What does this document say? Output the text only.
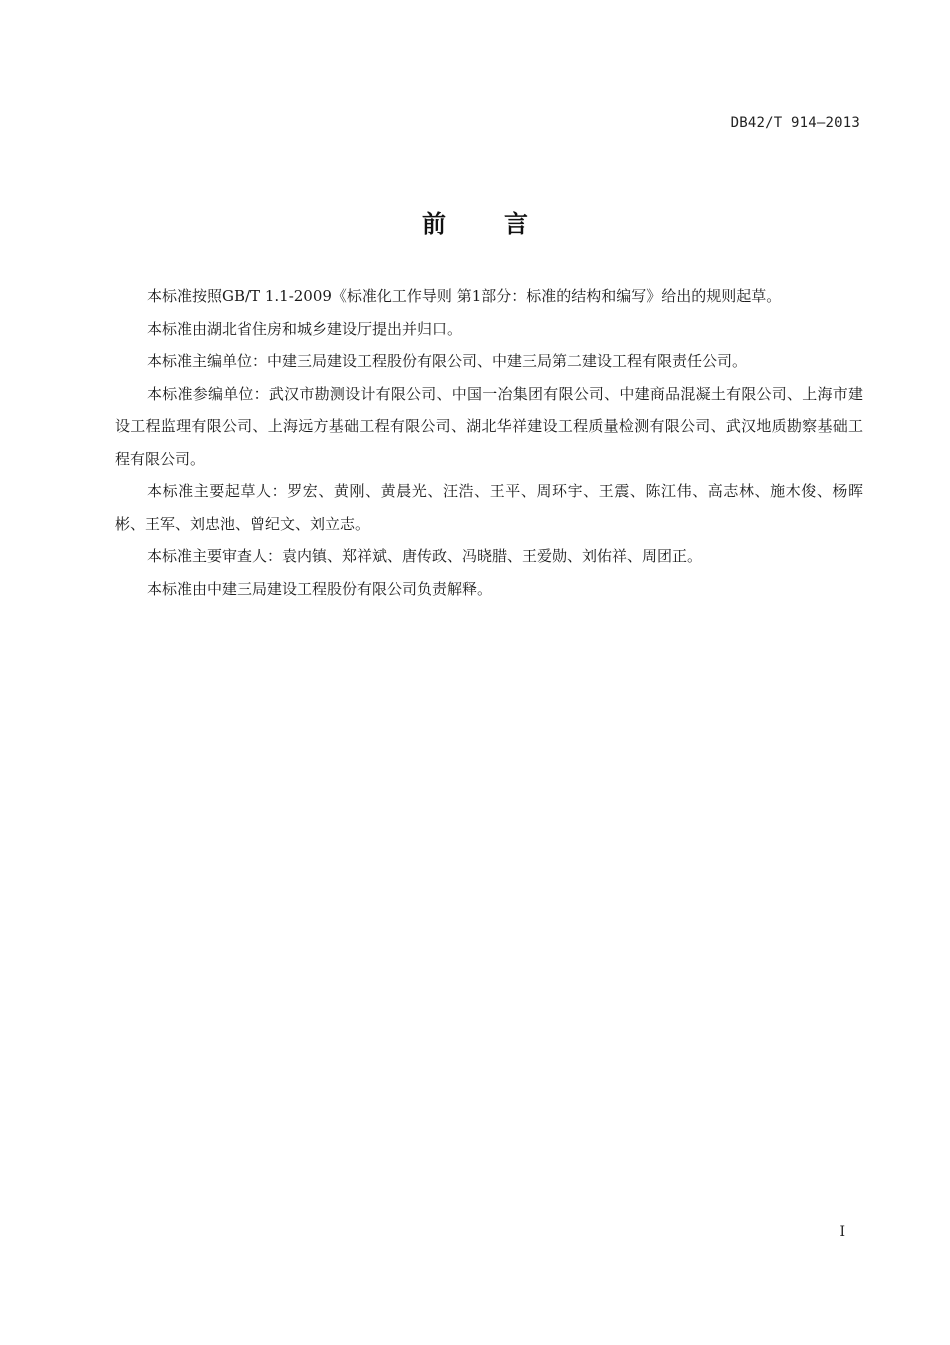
DB42/T 914—2013
前言

本标准按照GB/T 1.1-2009《标准化工作导则 第1部分：标准的结构和编写》给出的规则起草。

本标准由湖北省住房和城乡建设厅提出并归口。

本标准主编单位：中建三局建设工程股份有限公司、中建三局第二建设工程有限责任公司。

本标准参编单位：武汉市勘测设计有限公司、中国一冶集团有限公司、中建商品混凝土有限公司、上海市建设工程监理有限公司、上海远方基础工程有限公司、湖北华祥建设工程质量检测有限公司、武汉地质勘察基础工程有限公司。

本标准主要起草人：罗宏、黄刚、黄晨光、汪浩、王平、周环宇、王震、陈江伟、高志林、施木俊、杨晖彬、王军、刘忠池、曾纪文、刘立志。

本标准主要审查人：袁内镇、郑祥斌、唐传政、冯晓腊、王爱勋、刘佑祥、周团正。

本标准由中建三局建设工程股份有限公司负责解释。

I
